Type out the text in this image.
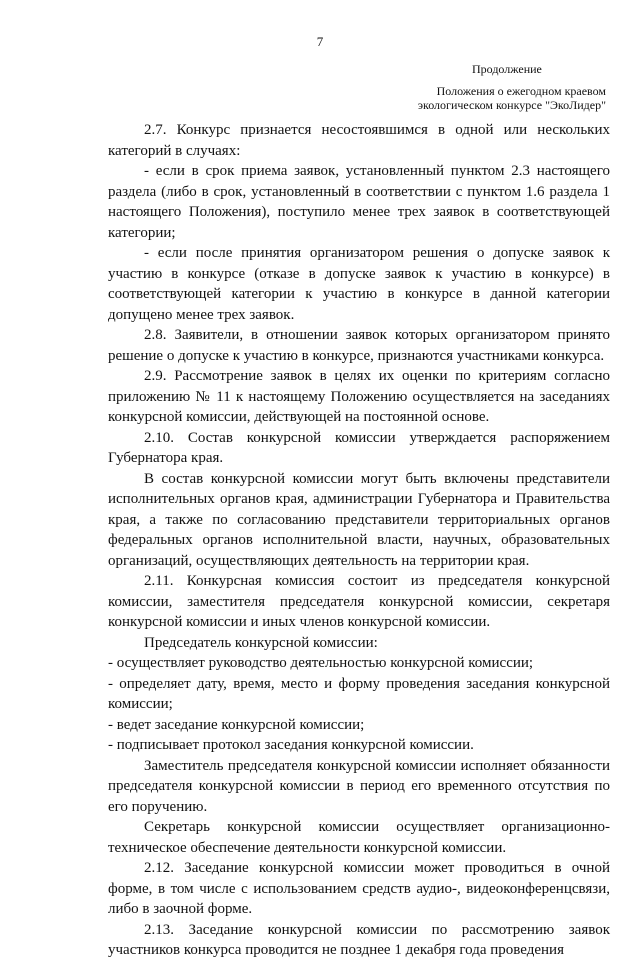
7
Продолжение
Положения о ежегодном краевом
экологическом конкурсе "ЭкоЛидер"

2.7. Конкурс признается несостоявшимся в одной или нескольких категорий в случаях:

- если в срок приема заявок, установленный пунктом 2.3 настоящего раздела (либо в срок, установленный в соответствии с пунктом 1.6 раздела 1 настоящего Положения), поступило менее трех заявок в соответствующей категории;

- если после принятия организатором решения о допуске заявок к участию в конкурсе (отказе в допуске заявок к участию в конкурсе) в соответствующей категории к участию в конкурсе в данной категории допущено менее трех заявок.

2.8. Заявители, в отношении заявок которых организатором принято решение о допуске к участию в конкурсе, признаются участниками конкурса.

2.9. Рассмотрение заявок в целях их оценки по критериям согласно приложению № 11 к настоящему Положению осуществляется на заседаниях конкурсной комиссии, действующей на постоянной основе.

2.10. Состав конкурсной комиссии утверждается распоряжением Губернатора края.

В состав конкурсной комиссии могут быть включены представители исполнительных органов края, администрации Губернатора и Правительства края, а также по согласованию представители территориальных органов федеральных органов исполнительной власти, научных, образовательных организаций, осуществляющих деятельность на территории края.

2.11. Конкурсная комиссия состоит из председателя конкурсной комиссии, заместителя председателя конкурсной комиссии, секретаря конкурсной комиссии и иных членов конкурсной комиссии.

Председатель конкурсной комиссии:

- осуществляет руководство деятельностью конкурсной комиссии;

- определяет дату, время, место и форму проведения заседания конкурсной комиссии;

- ведет заседание конкурсной комиссии;

- подписывает протокол заседания конкурсной комиссии.

Заместитель председателя конкурсной комиссии исполняет обязанности председателя конкурсной комиссии в период его временного отсутствия по его поручению.

Секретарь конкурсной комиссии осуществляет организационно-техническое обеспечение деятельности конкурсной комиссии.

2.12. Заседание конкурсной комиссии может проводиться в очной форме, в том числе с использованием средств аудио-, видеоконференцсвязи, либо в заочной форме.

2.13. Заседание конкурсной комиссии по рассмотрению заявок участников конкурса проводится не позднее 1 декабря года проведения
